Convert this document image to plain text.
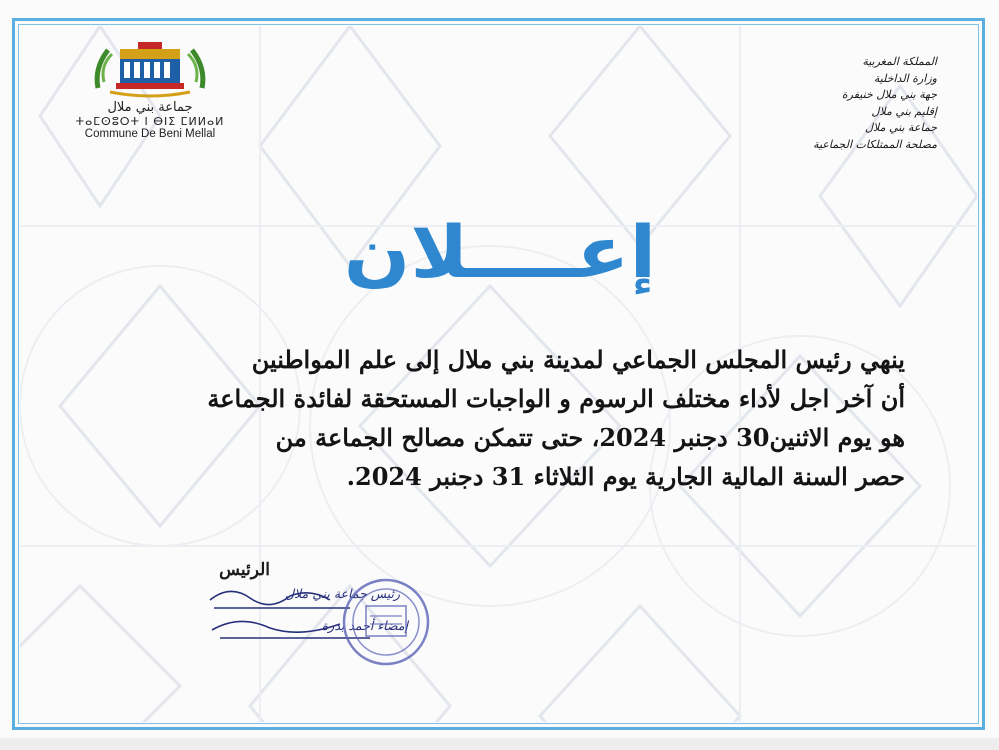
جماعة بني ملال
ⵜⴰⵎⵙⵓⵔⵜ ⵏ ⴱⵏⵉ ⵎⵍⵍⴰⵍ
Commune De Beni Mellal
المملكة المغربية
وزارة الداخلية
جهة بني ملال خنيفرة
إقليم بني ملال
جماعة بني ملال
مصلحة الممتلكات الجماعية
إعــــلان

ينهي رئيس المجلس الجماعي لمدينة بني ملال إلى علم المواطنين

أن آخر اجل لأداء مختلف الرسوم و الواجبات المستحقة لفائدة الجماعة

هو يوم الاثنين30 دجنبر 2024، حتى تتمكن مصالح الجماعة من

حصر السنة المالية الجارية يوم الثلاثاء 31 دجنبر 2024.

الرئيس
رئيس جماعة بني ملال
إمضاء أحمد بدرة
